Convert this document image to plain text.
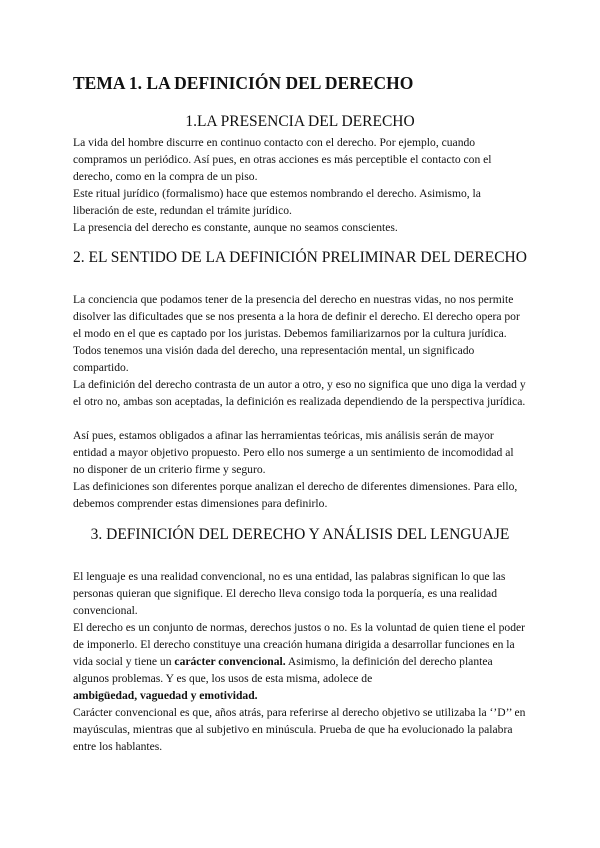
TEMA 1. LA DEFINICIÓN DEL DERECHO
1.LA PRESENCIA DEL DERECHO

La vida del hombre discurre en continuo contacto con el derecho. Por ejemplo, cuando compramos un periódico. Así pues, en otras acciones es más perceptible el contacto con el derecho, como en la compra de un piso.

Este ritual jurídico (formalismo) hace que estemos nombrando el derecho. Asimismo, la liberación de este, redundan el trámite jurídico.

La presencia del derecho es constante, aunque no seamos conscientes.

2. EL SENTIDO DE LA DEFINICIÓN PRELIMINAR DEL DERECHO

La conciencia que podamos tener de la presencia del derecho en nuestras vidas, no nos permite disolver las dificultades que se nos presenta a la hora de definir el derecho. El derecho opera por el modo en el que es captado por los juristas. Debemos familiarizarnos por la cultura jurídica. Todos tenemos una visión dada del derecho, una representación mental, un significado compartido.

La definición del derecho contrasta de un autor a otro, y eso no significa que uno diga la verdad y el otro no, ambas son aceptadas, la definición es realizada dependiendo de la perspectiva jurídica.

Así pues, estamos obligados a afinar las herramientas teóricas, mis análisis serán de mayor entidad a mayor objetivo propuesto. Pero ello nos sumerge a un sentimiento de incomodidad al no disponer de un criterio firme y seguro.

Las definiciones son diferentes porque analizan el derecho de diferentes dimensiones. Para ello, debemos comprender estas dimensiones para definirlo.

3. DEFINICIÓN DEL DERECHO Y ANÁLISIS DEL LENGUAJE

El lenguaje es una realidad convencional, no es una entidad, las palabras significan lo que las personas quieran que signifique. El derecho lleva consigo toda la porquería, es una realidad convencional.

El derecho es un conjunto de normas, derechos justos o no. Es la voluntad de quien tiene el poder de imponerlo. El derecho constituye una creación humana dirigida a desarrollar funciones en la vida social y tiene un carácter convencional. Asimismo, la definición del derecho plantea algunos problemas. Y es que, los usos de esta misma, adolece de
ambigüedad, vaguedad y emotividad.

Carácter convencional es que, años atrás, para referirse al derecho objetivo se utilizaba la ‘’D’’ en mayúsculas, mientras que al subjetivo en minúscula. Prueba de que ha evolucionado la palabra entre los hablantes.
